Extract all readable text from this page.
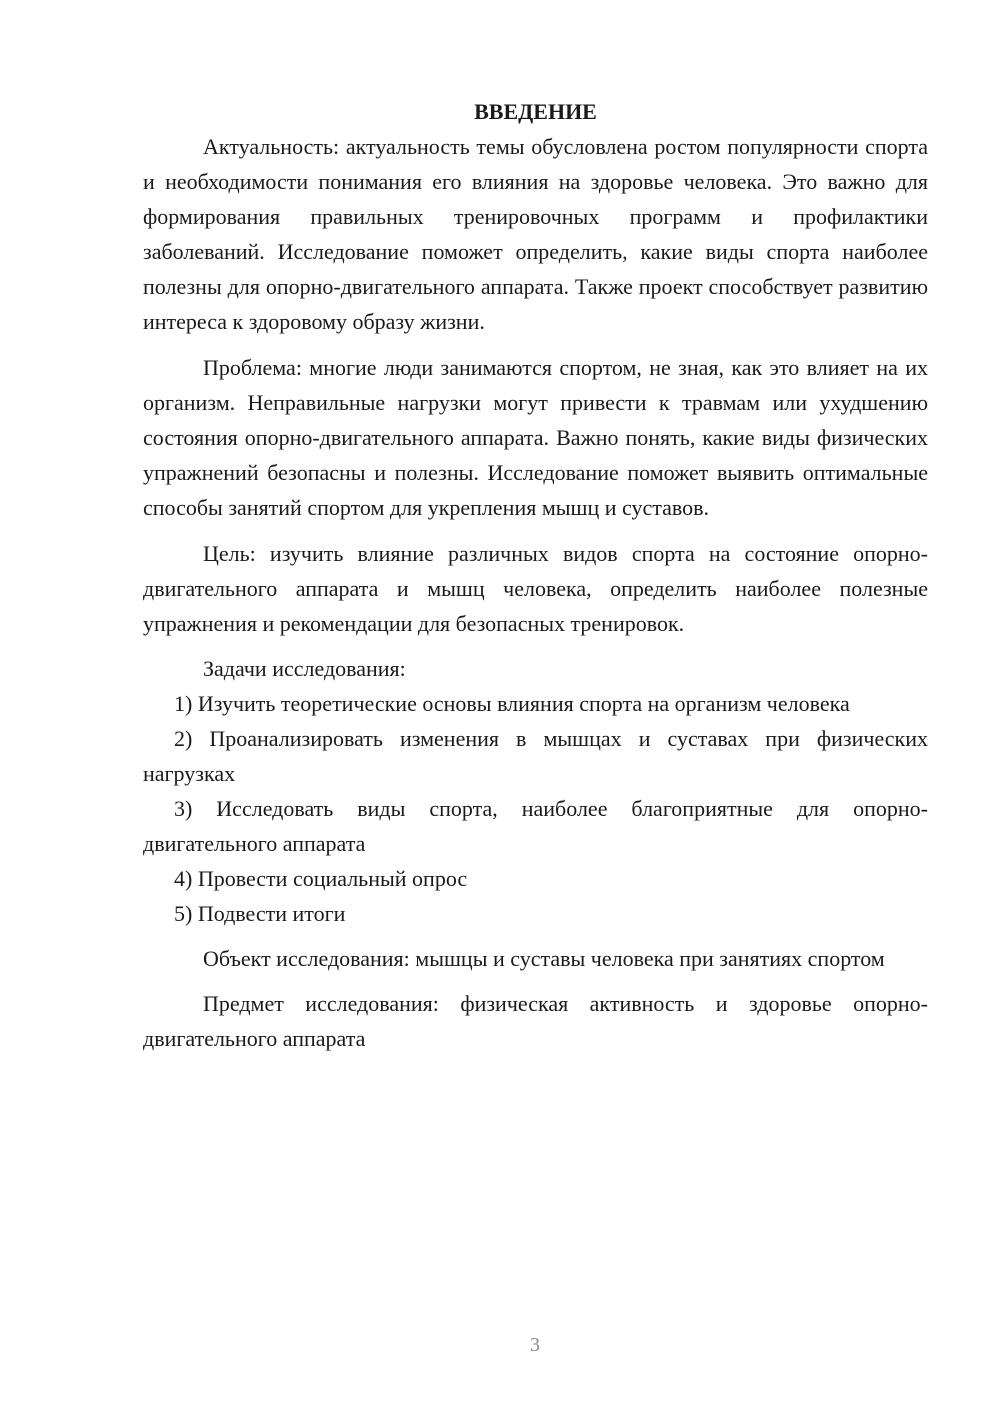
ВВЕДЕНИЕ

Актуальность: актуальность темы обусловлена ростом популярности спорта и необходимости понимания его влияния на здоровье человека. Это важно для формирования правильных тренировочных программ и профилактики заболеваний. Исследование поможет определить, какие виды спорта наиболее полезны для опорно-двигательного аппарата. Также проект способствует развитию интереса к здоровому образу жизни.

Проблема: многие люди занимаются спортом, не зная, как это влияет на их организм. Неправильные нагрузки могут привести к травмам или ухудшению состояния опорно-двигательного аппарата. Важно понять, какие виды физических упражнений безопасны и полезны. Исследование поможет выявить оптимальные способы занятий спортом для укрепления мышц и суставов.

Цель: изучить влияние различных видов спорта на состояние опорно-двигательного аппарата и мышц человека, определить наиболее полезные упражнения и рекомендации для безопасных тренировок.

Задачи исследования:

1) Изучить теоретические основы влияния спорта на организм человека

2) Проанализировать изменения в мышцах и суставах при физических нагрузках

3) Исследовать виды спорта, наиболее благоприятные для опорно-двигательного аппарата

4) Провести социальный опрос

5) Подвести итоги

Объект исследования: мышцы и суставы человека при занятиях спортом

Предмет исследования: физическая активность и здоровье опорно-двигательного аппарата

3
